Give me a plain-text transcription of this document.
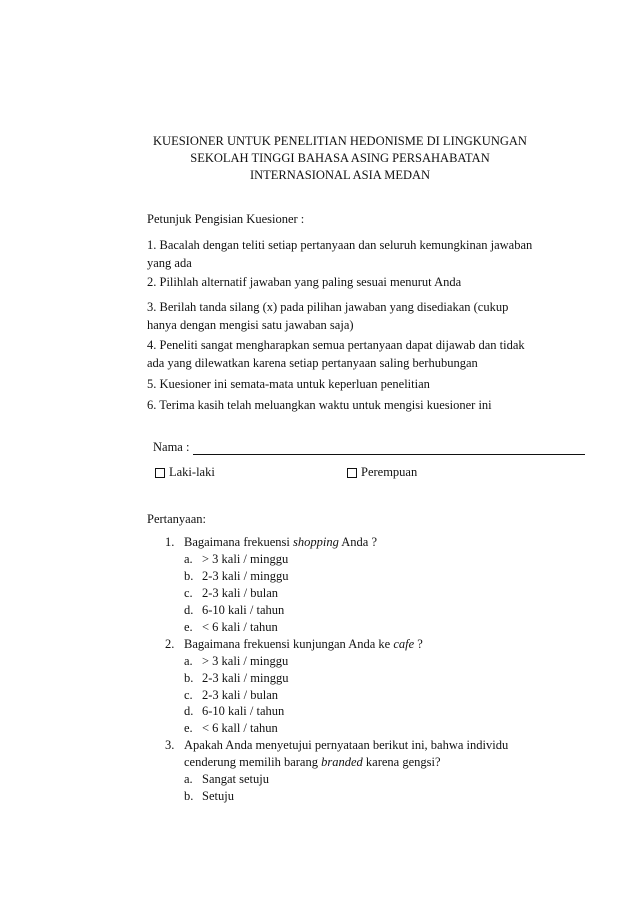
KUESIONER UNTUK PENELITIAN HEDONISME DI LINGKUNGAN
SEKOLAH TINGGI BAHASA ASING PERSAHABATAN
INTERNASIONAL ASIA MEDAN
Petunjuk Pengisian Kuesioner :
1. Bacalah dengan teliti setiap pertanyaan dan seluruh kemungkinan jawaban
yang ada
2. Pilihlah alternatif jawaban yang paling sesuai menurut Anda
3. Berilah tanda silang (x) pada pilihan jawaban yang disediakan (cukup
hanya dengan mengisi satu jawaban saja)
4. Peneliti sangat mengharapkan semua pertanyaan dapat dijawab dan tidak
ada yang dilewatkan karena setiap pertanyaan saling berhubungan
5. Kuesioner ini semata-mata untuk keperluan penelitian
6. Terima kasih telah meluangkan waktu untuk mengisi kuesioner ini
Nama :
Laki-laki	Perempuan
Pertanyaan:
1. Bagaimana frekuensi shopping Anda ?
a. > 3 kali / minggu
b. 2-3 kali / minggu
c. 2-3 kali / bulan
d. 6-10 kali / tahun
e. < 6 kali / tahun
2. Bagaimana frekuensi kunjungan Anda ke cafe ?
a. > 3 kali / minggu
b. 2-3 kali / minggu
c. 2-3 kali / bulan
d. 6-10 kali / tahun
e. < 6 kall / tahun
3. Apakah Anda menyetujui pernyataan berikut ini, bahwa individu
cenderung memilih barang branded karena gengsi?
a. Sangat setuju
b. Setuju
